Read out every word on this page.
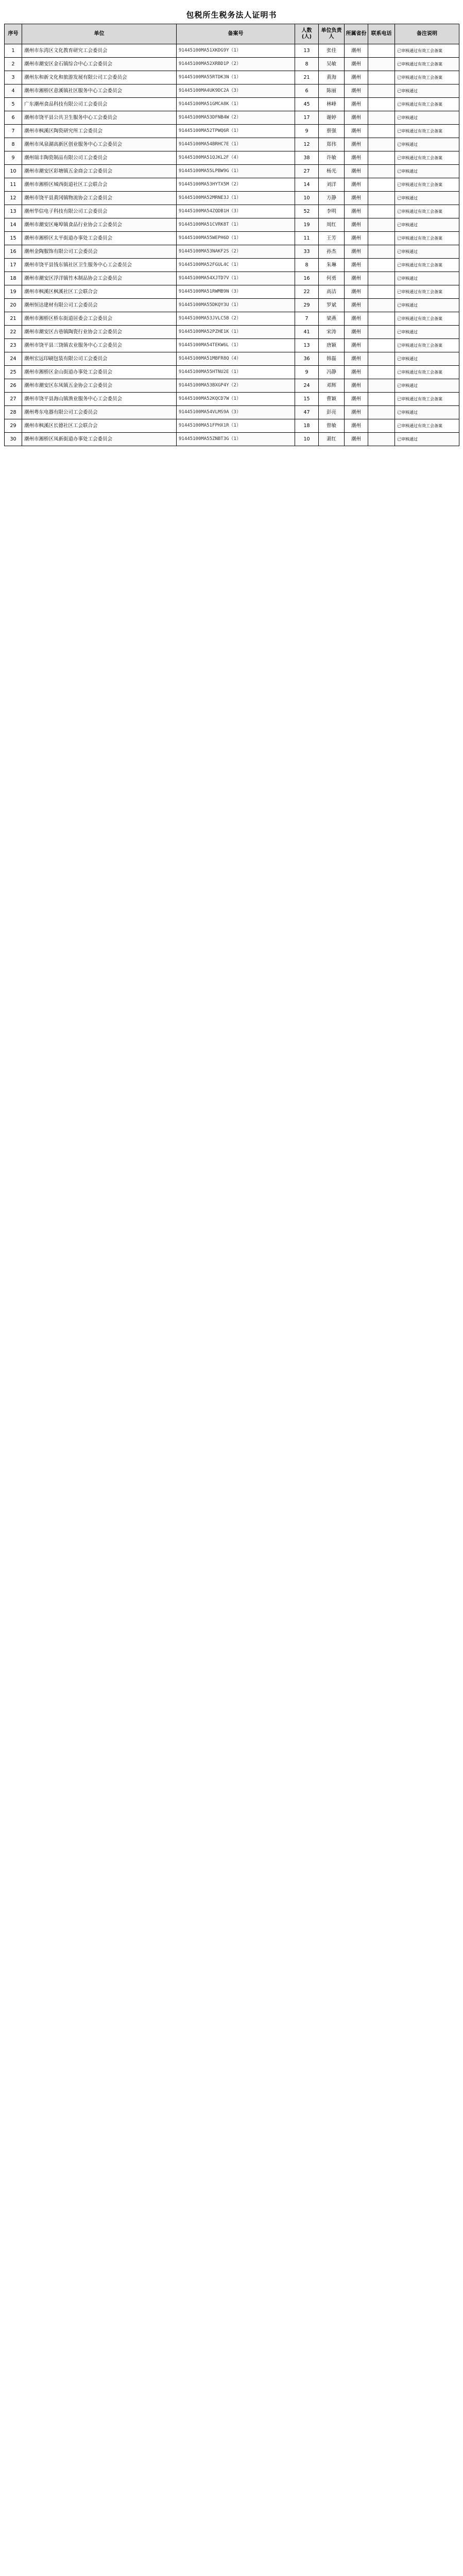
包税所生税务法人证明书
序号	单位	备案号	人数 (人)	单位负责人	所属省份	联系电话	备注说明
1	潮州市东湾区文化教育研究工会委员会	91445100MA51XKDG9Y（1）	13	张佳	潮州		已审核通过有效工会备案
2	潮州市潮安区金石镇综合中心工会委员会	91445100MA52XRBD1P（2）	8	吴敏	潮州		已审核通过有效工会备案
3	潮州东和新文化和旅游发展有限公司工会委员会	91445100MA55RTDK3N（1）	21	黄海	潮州		已审核通过有效工会备案
4	潮州市湘桥区意溪镇社区服务中心工会委员会	91445100MA4UK9DC2A（3）	6	陈丽	潮州		已审核通过
5	广东潮州食品科技有限公司工会委员会	91445100MA51GMCA8K（1）	45	林峰	潮州		已审核通过有效工会备案
6	潮州市饶平县公共卫生服务中心工会委员会	91445100MA53DFNB4W（2）	17	谢婷	潮州		已审核通过
7	潮州市枫溪区陶瓷研究所工会委员会	91445100MA52TPWQ6R（1）	9	蔡强	潮州		已审核通过有效工会备案
8	潮州市凤泉湖高新区创业服务中心工会委员会	91445100MA54BRHC7E（1）	12	郑伟	潮州		已审核通过
9	潮州瑞丰陶瓷制品有限公司工会委员会	91445100MA51QJKL2F（4）	38	许敏	潮州		已审核通过有效工会备案
10	潮州市潮安区彩塘镇五金商会工会委员会	91445100MA55LPBW9G（1）	27	杨光	潮州		已审核通过
11	潮州市湘桥区城西街道社区工会联合会	91445100MA53HYTX5M（2）	14	刘洋	潮州		已审核通过有效工会备案
12	潮州市饶平县黄冈镇物流协会工会委员会	91445100MA52MRNE3J（1）	10	方静	潮州		已审核通过
13	潮州华信电子科技有限公司工会委员会	91445100MA54ZQDB1H（3）	52	李明	潮州		已审核通过有效工会备案
14	潮州市潮安区庵埠镇食品行业协会工会委员会	91445100MA51CVRK8T（1）	19	周红	潮州		已审核通过
15	潮州市湘桥区太平街道办事处工会委员会	91445100MA55WEPH6D（1）	11	王芳	潮州		已审核通过有效工会备案
16	潮州金陶服饰有限公司工会委员会	91445100MA53NAKF2S（2）	33	孙杰	潮州		已审核通过
17	潮州市饶平县钱东镇社区卫生服务中心工会委员会	91445100MA52FGUL4C（1）	8	朱琳	潮州		已审核通过有效工会备案
18	潮州市潮安区浮洋镇竹木制品协会工会委员会	91445100MA54XJTD7V（1）	16	何勇	潮州		已审核通过
19	潮州市枫溪区枫溪社区工会联合会	91445100MA51RWMB9N（3）	22	高洁	潮州		已审核通过有效工会备案
20	潮州恒达建材有限公司工会委员会	91445100MA55DKQY3U（1）	29	罗斌	潮州		已审核通过
21	潮州市湘桥区桥东街道居委会工会委员会	91445100MA53JVLC5B（2）	7	梁燕	潮州		已审核通过有效工会备案
22	潮州市潮安区古巷镇陶瓷行业协会工会委员会	91445100MA52PZHE1K（1）	41	宋涛	潮州		已审核通过
23	潮州市饶平县三饶镇农业服务中心工会委员会	91445100MA54TEKW6L（1）	13	唐颖	潮州		已审核通过有效工会备案
24	潮州宏远印刷包装有限公司工会委员会	91445100MA51MBFR8Q（4）	36	韩磊	潮州		已审核通过
25	潮州市湘桥区金山街道办事处工会委员会	91445100MA55HTNU2E（1）	9	冯静	潮州		已审核通过有效工会备案
26	潮州市潮安区东凤镇五金协会工会委员会	91445100MA53BXGP4Y（2）	24	邓辉	潮州		已审核通过
27	潮州市饶平县海山镇渔业服务中心工会委员会	91445100MA52KQCD7W（1）	15	曹颖	潮州		已审核通过有效工会备案
28	潮州粤东电器有限公司工会委员会	91445100MA54VLMS9A（3）	47	彭亮	潮州		已审核通过
29	潮州市枫溪区长德社区工会联合会	91445100MA51FPHX1R（1）	18	曾敏	潮州		已审核通过有效工会备案
30	潮州市湘桥区凤新街道办事处工会委员会	91445100MA55ZNBT3G（1）	10	萧红	潮州		已审核通过
